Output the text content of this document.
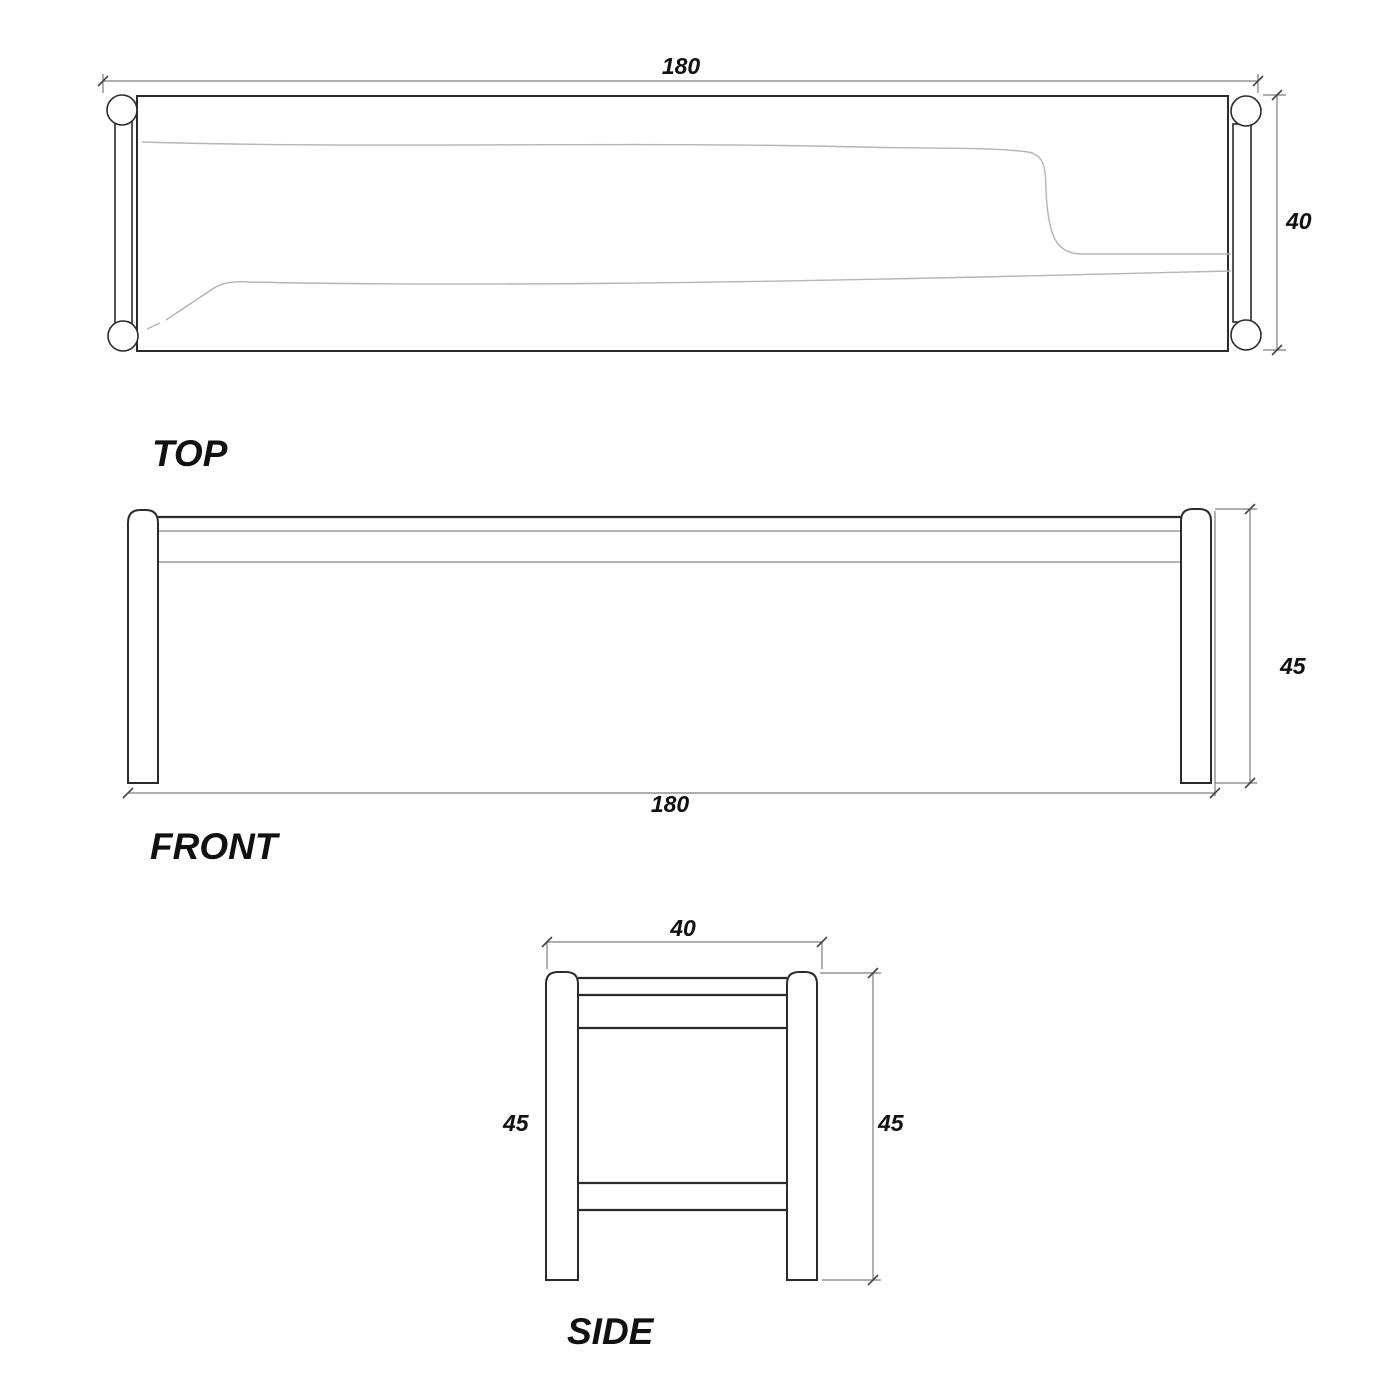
180
40
TOP
45
180
FRONT
40
45
45
SIDE
